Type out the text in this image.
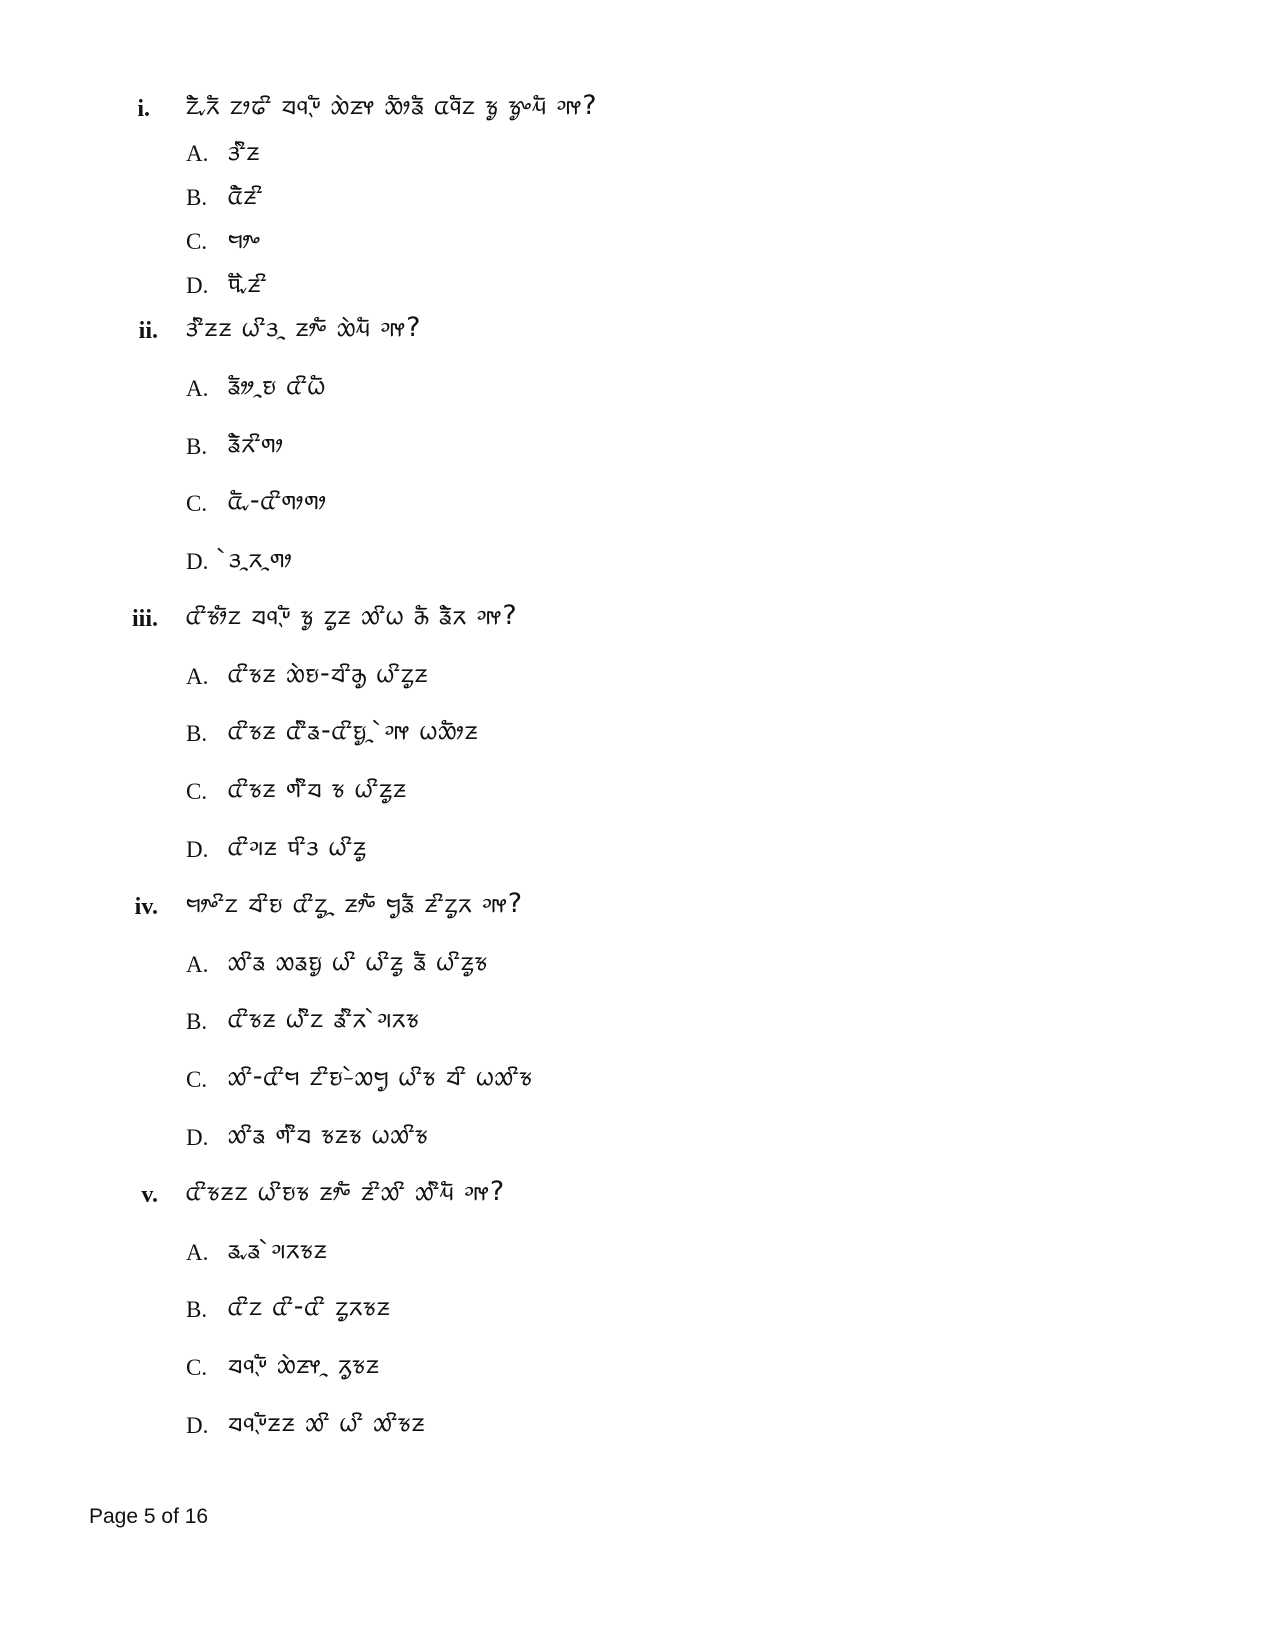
i. ᤁᤠᤧᤩᤖᤠ ᤁᤣᤒᤡ ᤔᤚᤷᤸᤠ ᤑᤧᤏᤶ ᤑᤥᤕᤠ ᤂᤚᤠᤁ ᤃᤢ ᤃᤢᤴᤘᤠ ᤆᤶ?
A. ᤋᤡᤧᤏ
B. ᤂᤠᤧᤏᤡ
C. ᤗᤣᤴ
D. ᤄᤩᤠᤧᤏᤡ
ii. ᤋᤡᤧᤏᤏ ᤐᤡᤋᤳ ᤏᤣᤴᤠ ᤑᤧᤘᤠ ᤆᤶ?
A. ᤕᤦᤳᤎ ᤂᤡᤐᤠ
B. ᤕᤠᤧᤖᤡᤛᤣ
C. ᤂᤩᤠ-ᤂᤡᤛᤣᤛᤣ
D. ᤧᤋᤳᤖᤳᤛᤣ
iii. ᤂᤡᤃᤣᤠᤁ ᤔᤚᤷᤸᤠ ᤃᤢ ᤁᤢᤏ ᤑᤡᤐ ᤌᤠ ᤕᤠᤧᤖ ᤆᤶ?
A. ᤂᤡᤃᤏ ᤑᤧᤎ-ᤔᤡᤌᤢ ᤐᤡᤁᤢᤏ
B. ᤂᤡᤃᤏ ᤂᤡᤧᤕ-ᤂᤡᤎᤢᤳ ᤧᤆᤶ ᤐᤑᤥᤏ
C. ᤂᤡᤃᤏ ᤛᤡᤧᤔ ᤃ ᤐᤡᤏᤢᤏ
D. ᤂᤡᤆᤏ ᤄᤡᤋ ᤐᤡᤏᤢ
iv. ᤗᤣᤴᤡᤁ ᤔᤡᤎ ᤂᤡᤁᤢᤳ ᤏᤣᤴᤠ ᤗᤢᤕᤠ ᤏᤡᤁᤢᤖ ᤆᤶ?
A. ᤑᤡᤕ ᤑᤕᤎᤢ ᤐᤡ ᤐᤡᤏᤢ ᤕᤠ ᤐᤡᤏᤢᤃ
B. ᤂᤡᤃᤏ ᤐᤡᤧᤁ ᤕᤡᤧᤖ ᤧᤆᤖᤃ
C. ᤑᤡ-ᤂᤡᤗ ᤁᤡᤎ-ᤧᤑᤗᤢ ᤐᤡᤃ ᤔᤡ ᤐᤑᤡᤃ
D. ᤑᤡᤕ ᤛᤡᤧᤔ ᤃᤏᤃ ᤐᤑᤡᤃ
v. ᤂᤡᤃᤏᤁ ᤐᤡᤎᤃ ᤏᤣᤴᤠ ᤏᤡᤑᤡ ᤑᤡᤧᤘᤠ ᤆᤶ?
A. ᤕᤩᤕ ᤧᤆᤖᤃᤏ
B. ᤂᤡᤁ ᤂᤡ-ᤂᤡ ᤁᤢᤖᤃᤏ
C. ᤔᤚᤷᤸᤠ ᤑᤧᤏᤶᤳ ᤖᤢᤃᤏ
D. ᤔᤚᤷᤸᤠᤏᤏ ᤑᤡ ᤐᤡ ᤑᤡᤃᤏ
Page 5 of 16
